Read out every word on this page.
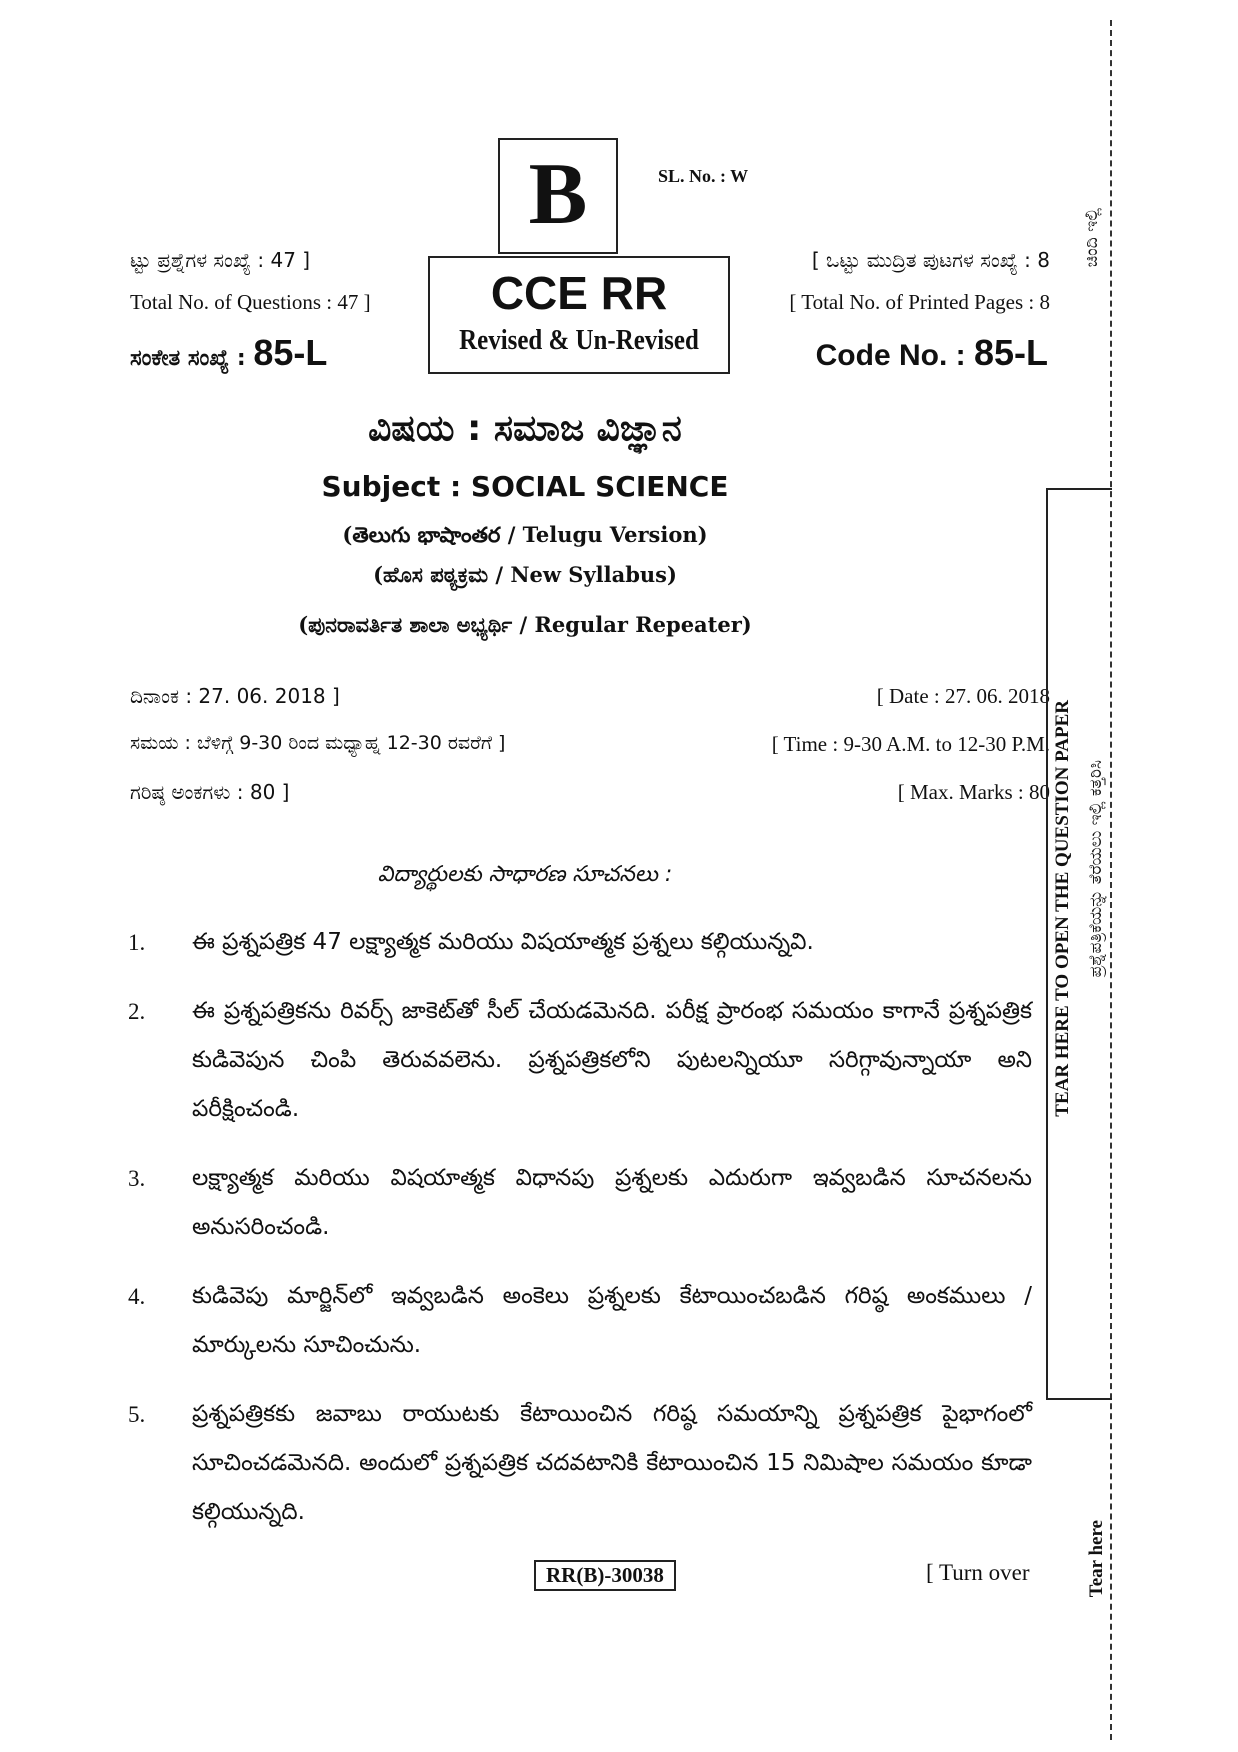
B	SL. No. : W
ಟ್ಟು ಪ್ರಶ್ನೆಗಳ ಸಂಖ್ಯೆ : 47 ]
Total No. of Questions : 47 ]
[ ಒಟ್ಟು ಮುದ್ರಿತ ಪುಟಗಳ ಸಂಖ್ಯೆ : 8
[ Total No. of Printed Pages : 8
CCE RR
Revised & Un-Revised
ಸಂಕೇತ ಸಂಖ್ಯೆ : 85-L	Code No. : 85-L
ವಿಷಯ : ಸಮಾಜ ವಿಜ್ಞಾನ
Subject : SOCIAL SCIENCE
(తెలుగు భాషాంతర / Telugu Version)
(ಹೊಸ ಪಠ್ಯಕ್ರಮ / New Syllabus)
(ಪುನರಾವರ್ತಿತ ಶಾಲಾ ಅಭ್ಯರ್ಥಿ / Regular Repeater)
ದಿನಾಂಕ : 27. 06. 2018 ]	[ Date : 27. 06. 2018
ಸಮಯ : ಬೆಳಿಗ್ಗೆ 9-30 ರಿಂದ ಮಧ್ಯಾಹ್ನ 12-30 ರವರೆಗೆ ]	[ Time : 9-30 A.M. to 12-30 P.M.
ಗರಿಷ್ಠ ಅಂಕಗಳು : 80 ]	[ Max. Marks : 80
విద్యార్థులకు సాధారణ సూచనలు :
1.	ఈ ప్రశ్నపత్రిక 47 లక్ష్యాత్మక మరియు విషయాత్మక ప్రశ్నలు కల్గియున్నవి.
2.	ఈ ప్రశ్నపత్రికను రివర్స్ జాకెట్‌తో సీల్ చేయడమెనది. పరీక్ష ప్రారంభ సమయం కాగానే ప్రశ్నపత్రిక కుడివెపున చింపి తెరువవలెను. ప్రశ్నపత్రికలోని పుటలన్నియూ సరిగ్గావున్నాయా అని పరీక్షించండి.
3.	లక్ష్యాత్మక మరియు విషయాత్మక విధానపు ప్రశ్నలకు ఎదురుగా ఇవ్వబడిన సూచనలను అనుసరించండి.
4.	కుడివెపు మార్జిన్‌లో ఇవ్వబడిన అంకెలు ప్రశ్నలకు కేటాయించబడిన గరిష్ఠ అంకములు / మార్కులను సూచించును.
5.	ప్రశ్నపత్రికకు జవాబు రాయుటకు కేటాయించిన గరిష్ఠ సమయాన్ని ప్రశ్నపత్రిక పైభాగంలో సూచించడమెనది. అందులో ప్రశ్నపత్రిక చదవటానికి కేటాయించిన 15 నిమిషాల సమయం కూడా కల్గియున్నది.
RR(B)-30038	[ Turn over
ಚಿಂದಿ ಇಲ್ಲಿ
TEAR HERE TO OPEN THE QUESTION PAPER ಪ್ರಶ್ನೆಪತ್ರಿಕೆಯನ್ನು ತೆರೆಯಲು ಇಲ್ಲಿ ಕತ್ತರಿಸಿ
Tear here
